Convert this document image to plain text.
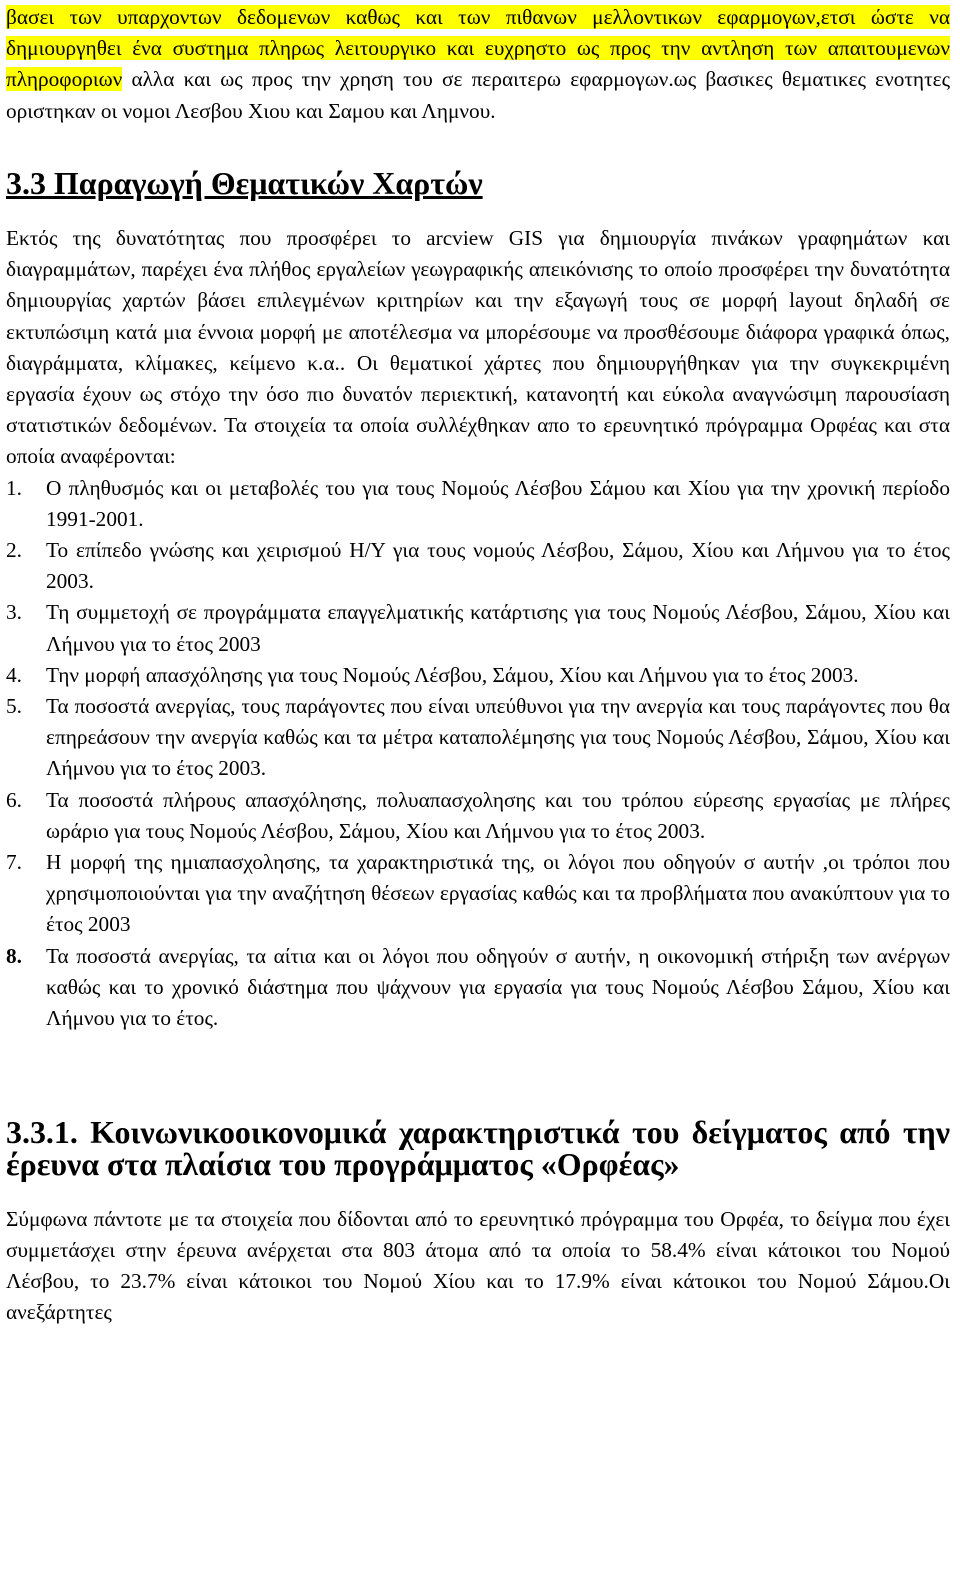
βασει των υπαρχοντων δεδομενων καθως και των πιθανων μελλοντικων εφαρμογων,ετσι ώστε να δημιουργηθει ένα συστημα πληρως λειτουργικο και ευχρηστο ως προς την αντληση των απαιτουμενων πληροφοριων αλλα και ως προς την χρηση του σε περαιτερω εφαρμογων.ως βασικες θεματικες ενοτητες οριστηκαν οι νομοι Λεσβου Χιου και Σαμου και Λημνου.

3.3 Παραγωγή Θεματικών Χαρτών

Εκτός της δυνατότητας που προσφέρει το arcview GIS για δημιουργία πινάκων γραφημάτων και διαγραμμάτων, παρέχει ένα πλήθος εργαλείων γεωγραφικής απεικόνισης το οποίο προσφέρει την δυνατότητα δημιουργίας χαρτών βάσει επιλεγμένων κριτηρίων και την εξαγωγή τους σε μορφή layout δηλαδή σε εκτυπώσιμη κατά μια έννοια μορφή με αποτέλεσμα να μπορέσουμε να προσθέσουμε διάφορα γραφικά όπως, διαγράμματα, κλίμακες, κείμενο κ.α.. Οι θεματικοί χάρτες που δημιουργήθηκαν για την συγκεκριμένη εργασία έχουν ως στόχο την όσο πιο δυνατόν περιεκτική, κατανοητή και εύκολα αναγνώσιμη παρουσίαση στατιστικών δεδομένων. Τα στοιχεία τα οποία συλλέχθηκαν απο το ερευνητικό πρόγραμμα Ορφέας και στα οποία αναφέρονται:

1. Ο πληθυσμός και οι μεταβολές του για τους Νομούς Λέσβου Σάμου και Χίου για την χρονική περίοδο 1991-2001.
2. Το επίπεδο γνώσης και χειρισμού Η/Υ για τους νομούς Λέσβου, Σάμου, Χίου και Λήμνου για το έτος 2003.
3. Τη συμμετοχή σε προγράμματα επαγγελματικής κατάρτισης για τους Νομούς Λέσβου, Σάμου, Χίου και Λήμνου για το έτος 2003
4. Την μορφή απασχόλησης για τους Νομούς Λέσβου, Σάμου, Χίου και Λήμνου για το έτος 2003.
5. Τα ποσοστά ανεργίας, τους παράγοντες που είναι υπεύθυνοι για την ανεργία και τους παράγοντες που θα επηρεάσουν την ανεργία καθώς και τα μέτρα καταπολέμησης για τους Νομούς Λέσβου, Σάμου, Χίου και Λήμνου για το έτος 2003.
6. Τα ποσοστά πλήρους απασχόλησης, πολυαπασχολησης και του τρόπου εύρεσης εργασίας με πλήρες ωράριο για τους Νομούς Λέσβου, Σάμου, Χίου και Λήμνου για το έτος 2003.
7. Η μορφή της ημιαπασχολησης, τα χαρακτηριστικά της, οι λόγοι που οδηγούν σ αυτήν ,οι τρόποι που χρησιμοποιούνται για την αναζήτηση θέσεων εργασίας καθώς και τα προβλήματα που ανακύπτουν για το έτος 2003
8. Τα ποσοστά ανεργίας, τα αίτια και οι λόγοι που οδηγούν σ αυτήν, η οικονομική στήριξη των ανέργων καθώς και το χρονικό διάστημα που ψάχνουν για εργασία για τους Νομούς Λέσβου Σάμου, Χίου και Λήμνου για το έτος.
3.3.1. Κοινωνικοοικονομικά χαρακτηριστικά του δείγματος από την έρευνα στα πλαίσια του προγράμματος «Ορφέας»

Σύμφωνα πάντοτε με τα στοιχεία που δίδονται από το ερευνητικό πρόγραμμα του Ορφέα, το δείγμα που έχει συμμετάσχει στην έρευνα ανέρχεται στα 803 άτομα από τα οποία το 58.4% είναι κάτοικοι του Νομού Λέσβου, το 23.7% είναι κάτοικοι του Νομού Χίου και το 17.9% είναι κάτοικοι του Νομού Σάμου.Οι ανεξάρτητες
